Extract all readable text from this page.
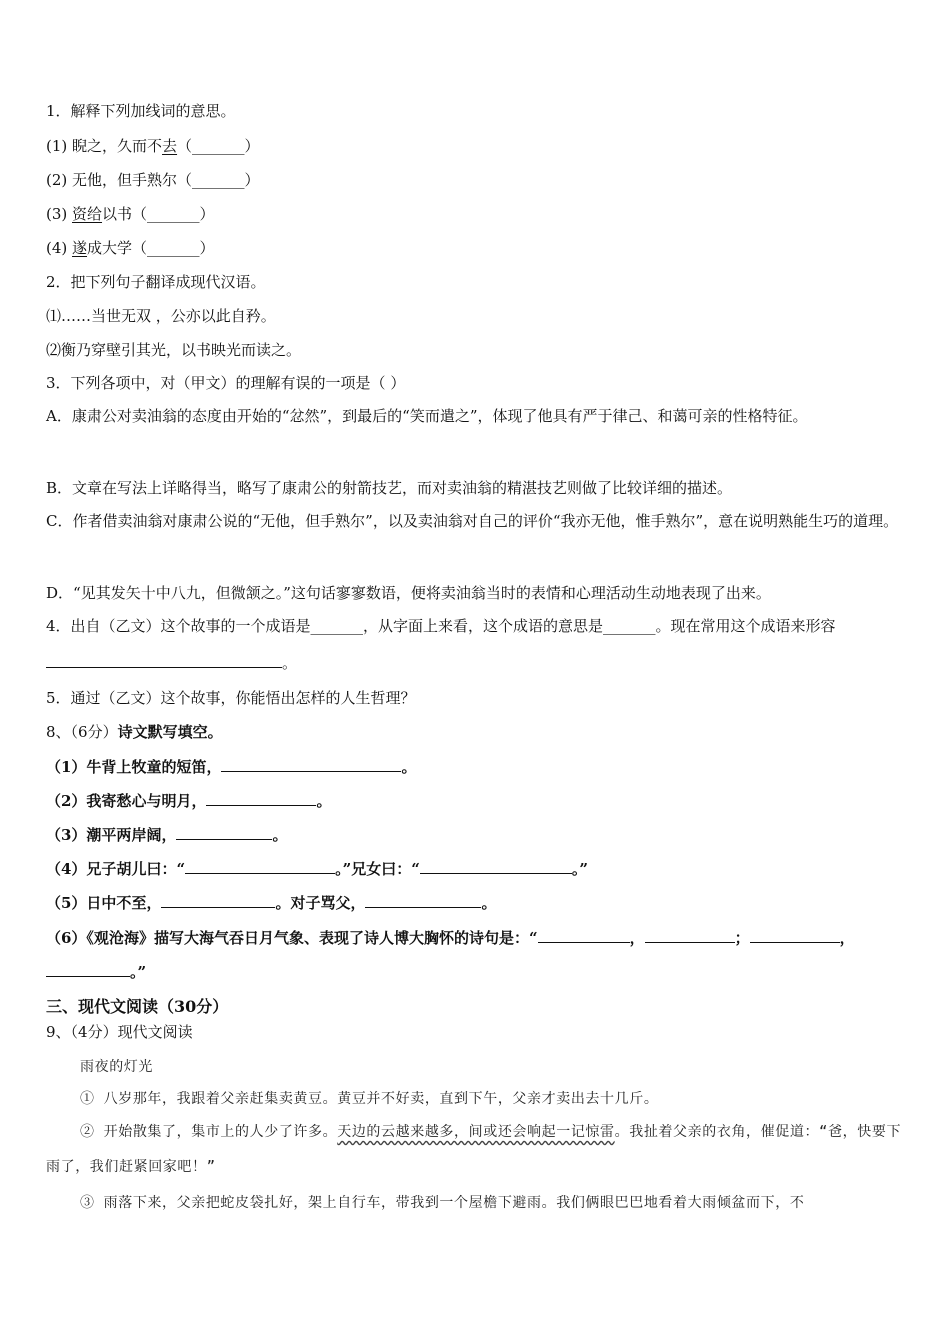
1．解释下列加线词的意思。
(1) 睨之，久而不去（_______）
(2) 无他，但手熟尔（_______）
(3) 资给以书（_______）
(4) 遂成大学（_______）
2．把下列句子翻译成现代汉语。
⑴……当世无双 ，公亦以此自矜。
⑵衡乃穿壁引其光，以书映光而读之。
3．下列各项中，对（甲文）的理解有误的一项是（ ）
A．康肃公对卖油翁的态度由开始的“忿然”，到最后的“笑而遣之”，体现了他具有严于律己、和蔼可亲的性格特征。
B．文章在写法上详略得当，略写了康肃公的射箭技艺，而对卖油翁的精湛技艺则做了比较详细的描述。
C．作者借卖油翁对康肃公说的“无他，但手熟尔”，以及卖油翁对自己的评价“我亦无他，惟手熟尔”，意在说明熟能生巧的道理。
D．“见其发矢十中八九，但微颔之。”这句话寥寥数语，便将卖油翁当时的表情和心理活动生动地表现了出来。
4．出自（乙文）这个故事的一个成语是_______，从字面上来看，这个成语的意思是_______。现在常用这个成语来形容。
5．通过（乙文）这个故事，你能悟出怎样的人生哲理？
8、（6分）诗文默写填空。
（1）牛背上牧童的短笛，	。
（2）我寄愁心与明月，	。
（3）潮平两岸阔，	。
（4）兄子胡儿曰：“	。”兄女曰：“	。”
（5）日中不至，	。对子骂父，	。
（6）《观沧海》描写大海气吞日月气象、表现了诗人博大胸怀的诗句是：“	，	；	，
。”
三、现代文阅读（30分）
9、（4分）现代文阅读
雨夜的灯光
① 八岁那年，我跟着父亲赶集卖黄豆。黄豆并不好卖，直到下午，父亲才卖出去十几斤。
② 开始散集了，集市上的人少了许多。天边的云越来越多，间或还会响起一记惊雷。我扯着父亲的衣角，催促道：“爸，快要下雨了，我们赶紧回家吧！”
③ 雨落下来，父亲把蛇皮袋扎好，架上自行车，带我到一个屋檐下避雨。我们俩眼巴巴地看着大雨倾盆而下，不
